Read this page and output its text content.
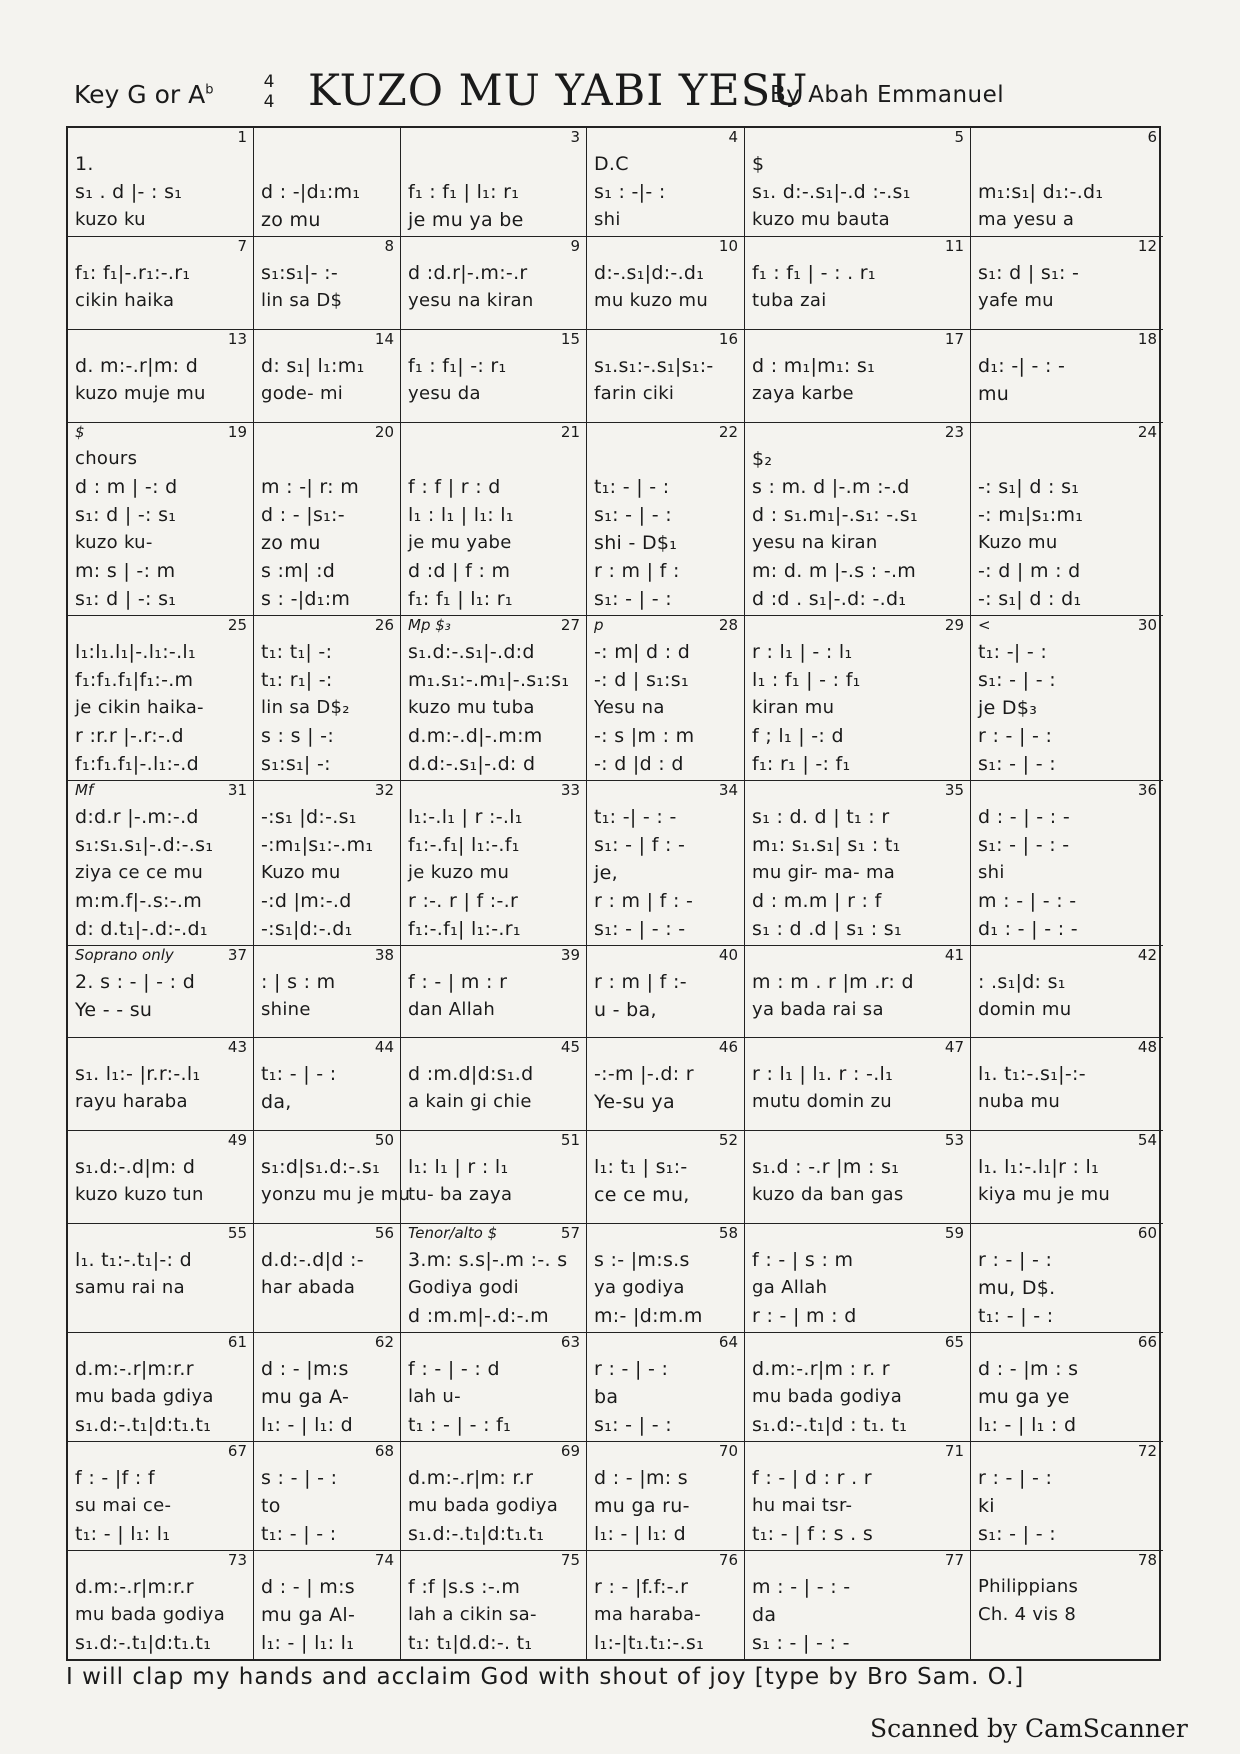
Key G or $A^b$	4
4 KUZO MU YABI YESU
By Abah Emmanuel
1
1.
s₁ . d |- : s₁
kuzo ku

d : -|d₁:m₁
zo mu
3

f₁ : f₁ | l₁: r₁
je mu ya be
4
D.C
s₁ : -|- :
shi
5
$
s₁. d:-.s₁|-.d :-.s₁
kuzo mu bauta
6

m₁:s₁| d₁:-.d₁
ma yesu a
7
f₁: f₁|-.r₁:-.r₁
cikin haika
8
s₁:s₁|- :-
lin sa D$
9
d :d.r|-.m:-.r
yesu na kiran
10
d:-.s₁|d:-.d₁
mu kuzo mu
11
f₁ : f₁ | - : . r₁
tuba zai
12
s₁: d | s₁: -
yafe mu
13
d. m:-.r|m: d
kuzo muje mu
14
d: s₁| l₁:m₁
gode- mi
15
f₁ : f₁| -: r₁
yesu da
16
s₁.s₁:-.s₁|s₁:-
farin ciki
17
d : m₁|m₁: s₁
zaya karbe
18
d₁: -| - : -
mu
19
$
chours
d : m | -: d
s₁: d | -: s₁
kuzo ku-
m: s | -: m
s₁: d | -: s₁
20

m : -| r: m
d : - |s₁:-
zo mu
s :m| :d
s : -|d₁:m
21

f : f | r : d
l₁ : l₁ | l₁: l₁
je mu yabe
d :d | f : m
f₁: f₁ | l₁: r₁
22

t₁: - | - :
s₁: - | - :
shi - D$₁
r : m | f :
s₁: - | - :
23
$₂
s : m. d |-.m :-.d
d : s₁.m₁|-.s₁: -.s₁
yesu na kiran
m: d. m |-.s : -.m
d :d . s₁|-.d: -.d₁
24

-: s₁| d : s₁
-: m₁|s₁:m₁
Kuzo mu
-: d | m : d
-: s₁| d : d₁
25
l₁:l₁.l₁|-.l₁:-.l₁
f₁:f₁.f₁|f₁:-.m
je cikin haika-
r :r.r |-.r:-.d
f₁:f₁.f₁|-.l₁:-.d
26
t₁: t₁| -:
t₁: r₁| -:
lin sa D$₂
s : s | -:
s₁:s₁| -:
27
Mp $₃
s₁.d:-.s₁|-.d:d
m₁.s₁:-.m₁|-.s₁:s₁
kuzo mu tuba
d.m:-.d|-.m:m
d.d:-.s₁|-.d: d
28
p
-: m| d : d
-: d | s₁:s₁
Yesu na
-: s |m : m
-: d |d : d
29
r : l₁ | - : l₁
l₁ : f₁ | - : f₁
kiran mu
f ; l₁ | -: d
f₁: r₁ | -: f₁
30
<
t₁: -| - :
s₁: - | - :
je D$₃
r : - | - :
s₁: - | - :
31
Mf
d:d.r |-.m:-.d
s₁:s₁.s₁|-.d:-.s₁
ziya ce ce mu
m:m.f|-.s:-.m
d: d.t₁|-.d:-.d₁
32
-:s₁ |d:-.s₁
-:m₁|s₁:-.m₁
Kuzo mu
-:d |m:-.d
-:s₁|d:-.d₁
33
l₁:-.l₁ | r :-.l₁
f₁:-.f₁| l₁:-.f₁
je kuzo mu
r :-. r | f :-.r
f₁:-.f₁| l₁:-.r₁
34
t₁: -| - : -
s₁: - | f : -
je,
r : m | f : -
s₁: - | - : -
35
s₁ : d. d | t₁ : r
m₁: s₁.s₁| s₁ : t₁
mu gir- ma- ma
d : m.m | r : f
s₁ : d .d | s₁ : s₁
36
d : - | - : -
s₁: - | - : -
shi
m : - | - : -
d₁ : - | - : -
37
Soprano only
2. s : - | - : d
Ye - - su
38
: | s : m
shine
39
f : - | m : r
dan Allah
40
r : m | f :-
u - ba,
41
m : m . r |m .r: d
ya bada rai sa
42
: .s₁|d: s₁
domin mu
43
s₁. l₁:- |r.r:-.l₁
rayu haraba
44
t₁: - | - :
da,
45
d :m.d|d:s₁.d
a kain gi chie
46
-:-m |-.d: r
Ye-su ya
47
r : l₁ | l₁. r : -.l₁
mutu domin zu
48
l₁. t₁:-.s₁|-:-
nuba mu
49
s₁.d:-.d|m: d
kuzo kuzo tun
50
s₁:d|s₁.d:-.s₁
yonzu mu je mu
51
l₁: l₁ | r : l₁
tu- ba zaya
52
l₁: t₁ | s₁:-
ce ce mu,
53
s₁.d : -.r |m : s₁
kuzo da ban gas
54
l₁. l₁:-.l₁|r : l₁
kiya mu je mu
55
l₁. t₁:-.t₁|-: d
samu rai na
56
d.d:-.d|d :-
har abada
57
Tenor/alto $
3.m: s.s|-.m :-. s
Godiya godi
d :m.m|-.d:-.m
58
s :- |m:s.s
ya godiya
m:- |d:m.m
59
f : - | s : m
ga Allah
r : - | m : d
60
r : - | - :
mu, D$.
t₁: - | - :
61
d.m:-.r|m:r.r
mu bada gdiya
s₁.d:-.t₁|d:t₁.t₁
62
d : - |m:s
mu ga A-
l₁: - | l₁: d
63
f : - | - : d
lah u-
t₁ : - | - : f₁
64
r : - | - :
ba
s₁: - | - :
65
d.m:-.r|m : r. r
mu bada godiya
s₁.d:-.t₁|d : t₁. t₁
66
d : - |m : s
mu ga ye
l₁: - | l₁ : d
67
f : - |f : f
su mai ce-
t₁: - | l₁: l₁
68
s : - | - :
to
t₁: - | - :
69
d.m:-.r|m: r.r
mu bada godiya
s₁.d:-.t₁|d:t₁.t₁
70
d : - |m: s
mu ga ru-
l₁: - | l₁: d
71
f : - | d : r . r
hu mai tsr-
t₁: - | f : s . s
72
r : - | - :
ki
s₁: - | - :
73
d.m:-.r|m:r.r
mu bada godiya
s₁.d:-.t₁|d:t₁.t₁
74
d : - | m:s
mu ga Al-
l₁: - | l₁: l₁
75
f :f |s.s :-.m
lah a cikin sa-
t₁: t₁|d.d:-. t₁
76
r : - |f.f:-.r
ma haraba-
l₁:-|t₁.t₁:-.s₁
77
m : - | - : -
da
s₁ : - | - : -
78
Philippians
Ch. 4 vis 8
I will clap my hands and acclaim God with shout of joy [type by Bro Sam. O.]
Scanned by CamScanner
